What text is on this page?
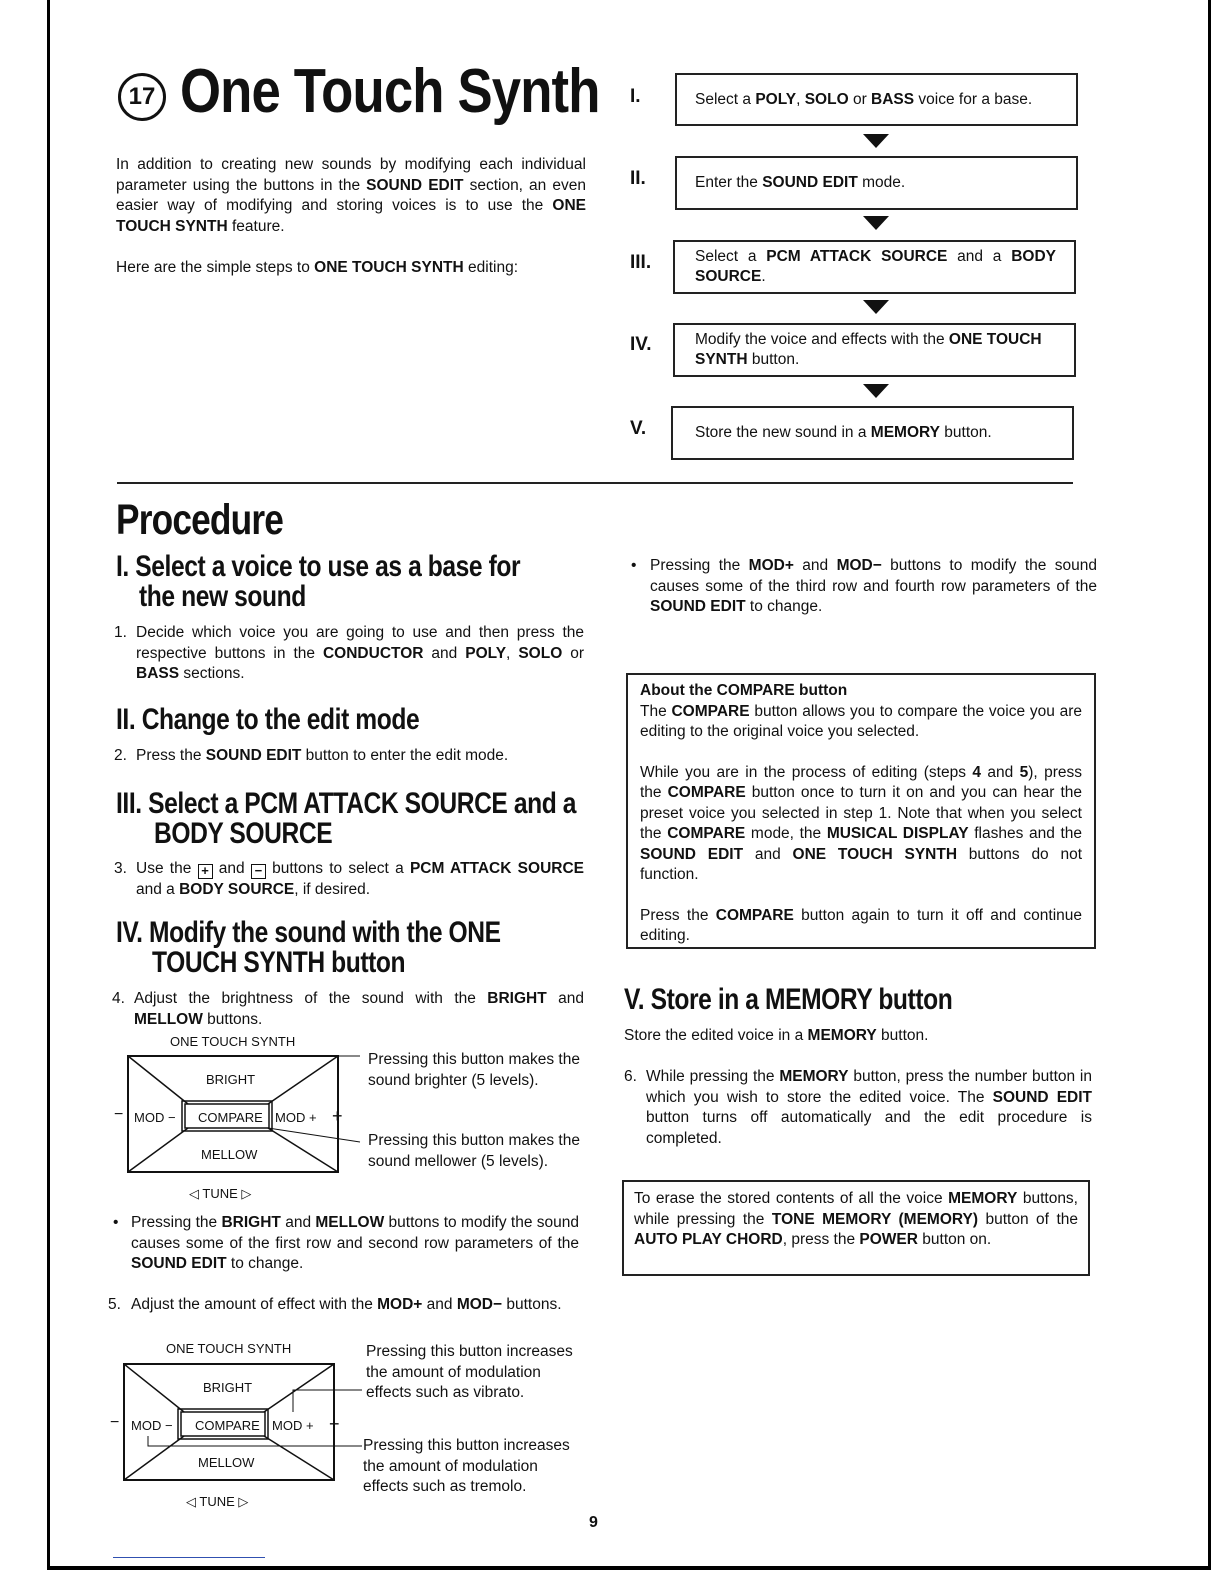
17 One Touch Synth

In addition to creating new sounds by modifying each individual parameter using the buttons in the SOUND EDIT section, an even easier way of modifying and storing voices is to use the ONE TOUCH SYNTH feature.

Here are the simple steps to ONE TOUCH SYNTH editing:

I.	Select a POLY, SOLO or BASS voice for a base.
II.	Enter the SOUND EDIT mode.
III.	Select a PCM ATTACK SOURCE and a BODY SOURCE.
IV.	Modify the voice and effects with the ONE TOUCH SYNTH button.
V.	Store the new sound in a MEMORY button.
Procedure
I. Select a voice to use as a base for
the new sound
1. Decide which voice you are going to use and then press the respective buttons in the CONDUCTOR and POLY, SOLO or BASS sections.

II. Change to the edit mode
2. Press the SOUND EDIT button to enter the edit mode.

III. Select a PCM ATTACK SOURCE and a
BODY SOURCE
3. Use the + and − buttons to select a PCM ATTACK SOURCE and a BODY SOURCE, if desired.

IV. Modify the sound with the ONE
TOUCH SYNTH button
4. Adjust the brightness of the sound with the BRIGHT and MELLOW buttons.

ONE TOUCH SYNTH
BRIGHT
COMPARE
MELLOW
MOD −	MOD +
−	+
◁ TUNE ▷

Pressing this button makes the sound brighter (5 levels).

Pressing this button makes the sound mellower (5 levels).

• Pressing the BRIGHT and MELLOW buttons to modify the sound causes some of the first row and second row parameters of the SOUND EDIT to change.

5. Adjust the amount of effect with the MOD+ and MOD− buttons.

ONE TOUCH SYNTH
BRIGHT
COMPARE
MELLOW
MOD −	MOD +
−	+
◁ TUNE ▷

Pressing this button increases the amount of modulation effects such as vibrato.

Pressing this button increases the amount of modulation effects such as tremolo.

• Pressing the MOD+ and MOD− buttons to modify the sound causes some of the third row and fourth row parameters of the SOUND EDIT to change.

About the COMPARE button

The COMPARE button allows you to compare the voice you are editing to the original voice you selected.

While you are in the process of editing (steps 4 and 5), press the COMPARE button once to turn it on and you can hear the preset voice you selected in step 1. Note that when you select the COMPARE mode, the MUSICAL DISPLAY flashes and the SOUND EDIT and ONE TOUCH SYNTH buttons do not function.

Press the COMPARE button again to turn it off and continue editing.

V. Store in a MEMORY button

Store the edited voice in a MEMORY button.

6. While pressing the MEMORY button, press the number button in which you wish to store the edited voice. The SOUND EDIT button turns off automatically and the edit procedure is completed.

To erase the stored contents of all the voice MEMORY buttons, while pressing the TONE MEMORY (MEMORY) button of the AUTO PLAY CHORD, press the POWER button on.

9
